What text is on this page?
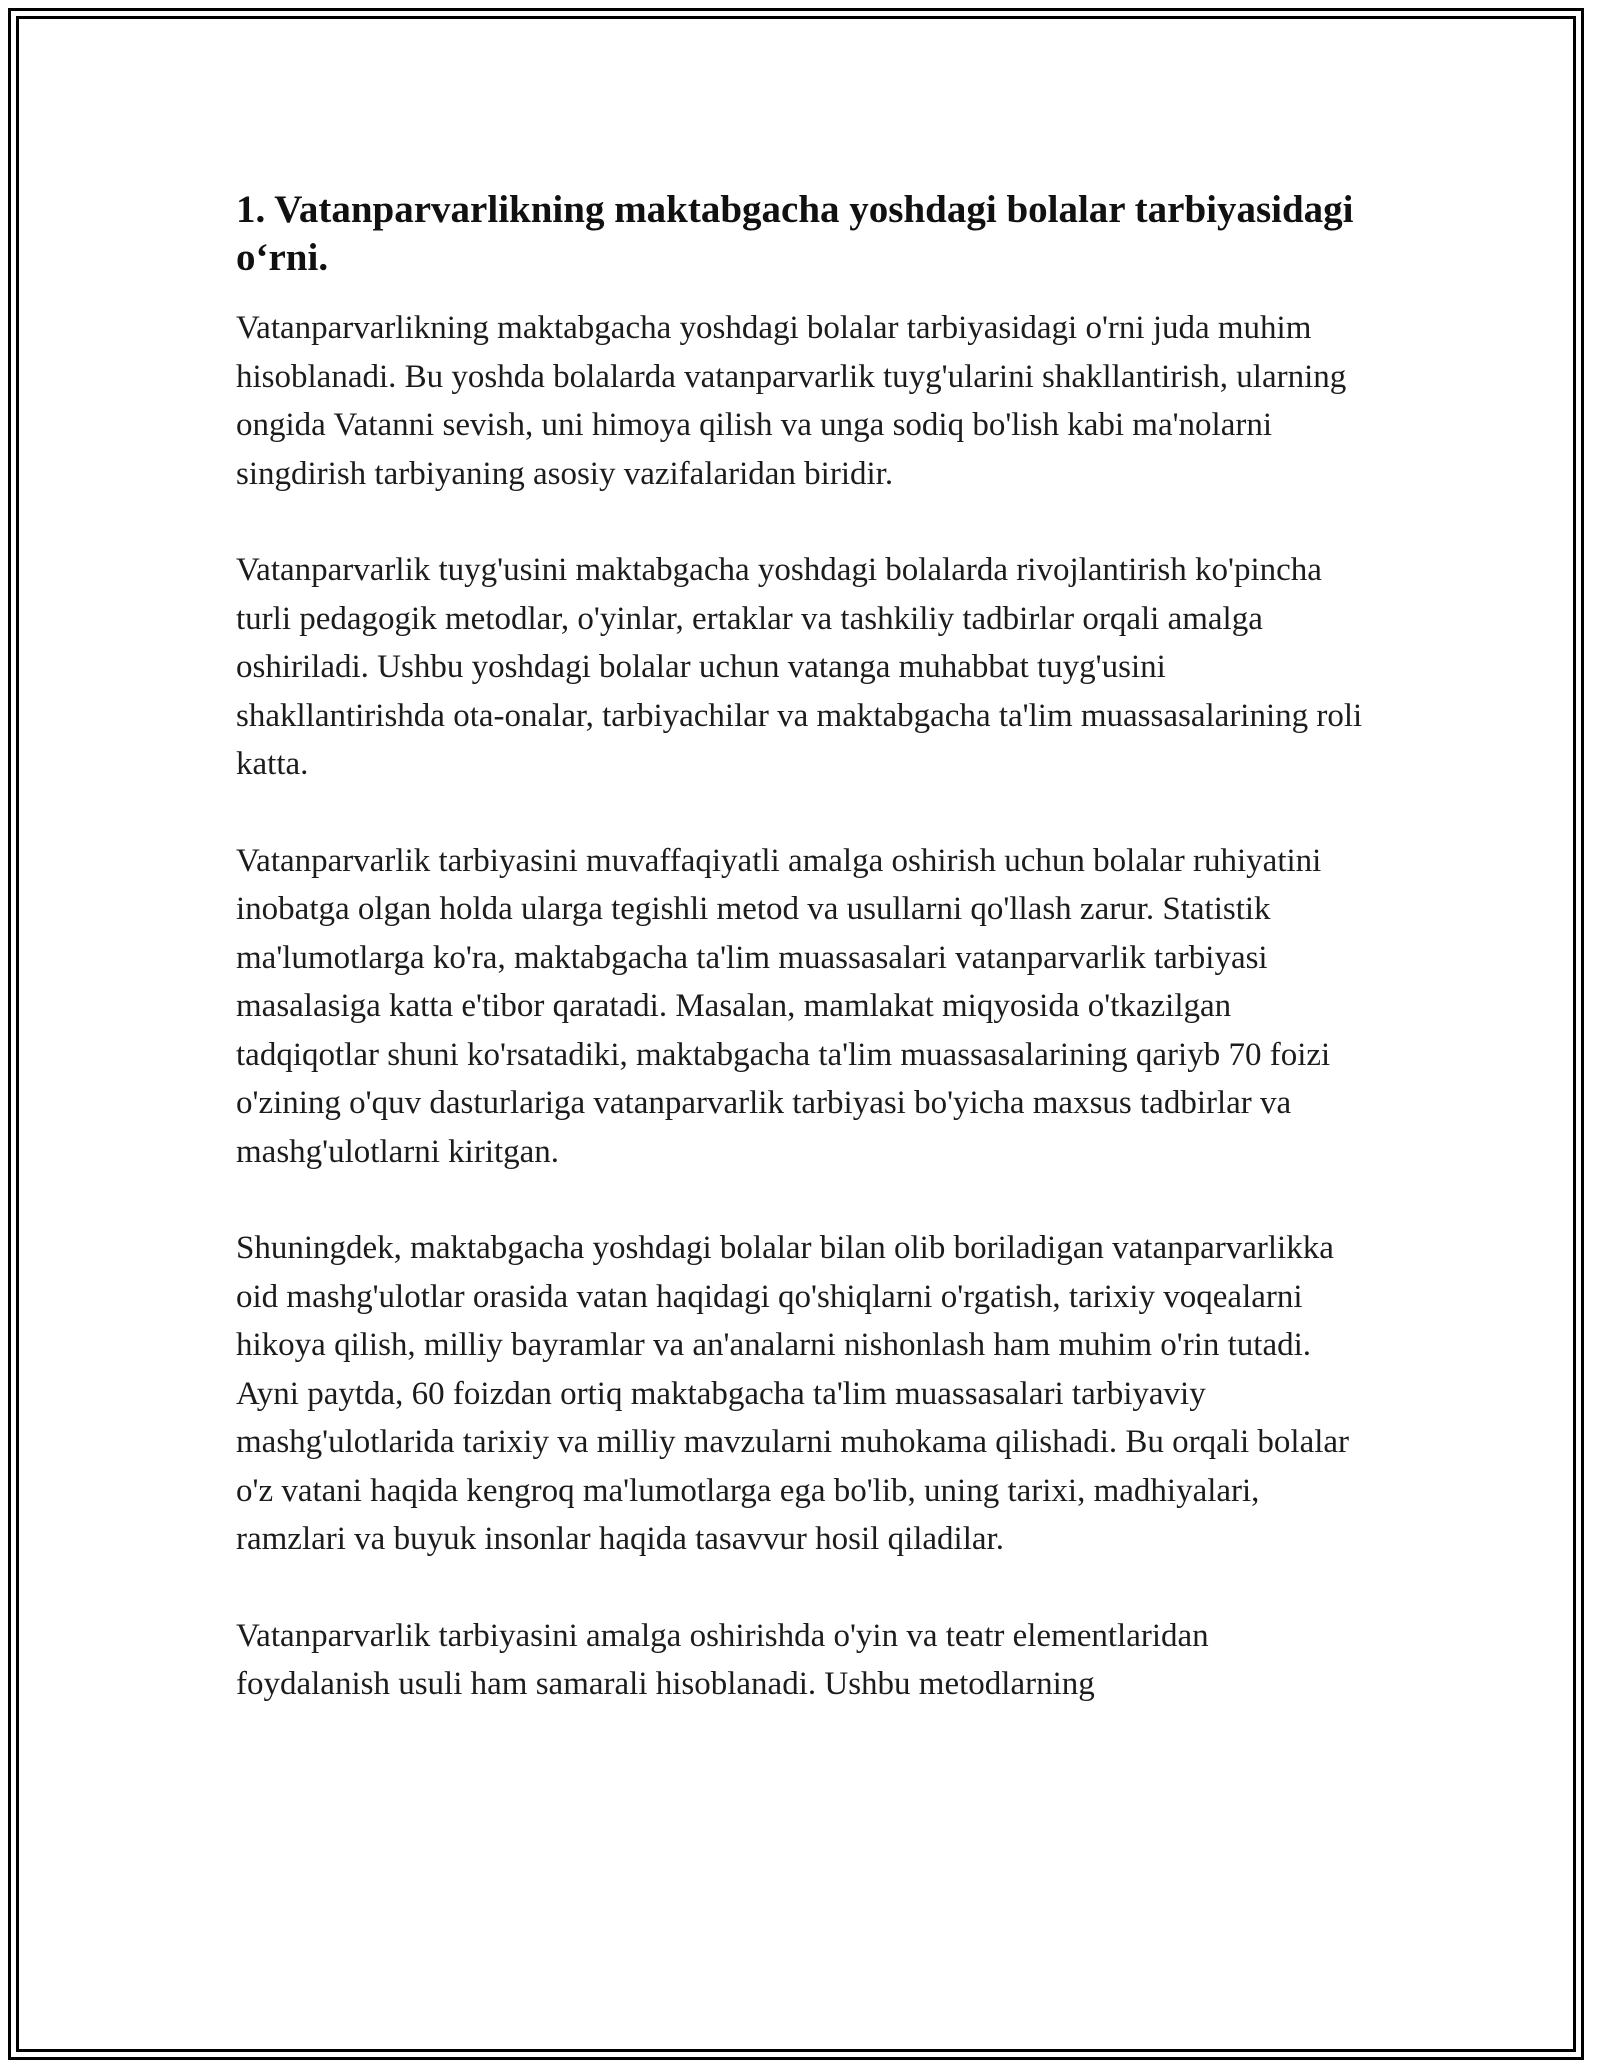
1. Vatanparvarlikning maktabgacha yoshdagi bolalar tarbiyasidagi o‘rni.

Vatanparvarlikning maktabgacha yoshdagi bolalar tarbiyasidagi o'rni juda muhim hisoblanadi. Bu yoshda bolalarda vatanparvarlik tuyg'ularini shakllantirish, ularning ongida Vatanni sevish, uni himoya qilish va unga sodiq bo'lish kabi ma'nolarni singdirish tarbiyaning asosiy vazifalaridan biridir.

Vatanparvarlik tuyg'usini maktabgacha yoshdagi bolalarda rivojlantirish ko'pincha turli pedagogik metodlar, o'yinlar, ertaklar va tashkiliy tadbirlar orqali amalga oshiriladi. Ushbu yoshdagi bolalar uchun vatanga muhabbat tuyg'usini shakllantirishda ota-onalar, tarbiyachilar va maktabgacha ta'lim muassasalarining roli katta.

Vatanparvarlik tarbiyasini muvaffaqiyatli amalga oshirish uchun bolalar ruhiyatini inobatga olgan holda ularga tegishli metod va usullarni qo'llash zarur. Statistik ma'lumotlarga ko'ra, maktabgacha ta'lim muassasalari vatanparvarlik tarbiyasi masalasiga katta e'tibor qaratadi. Masalan, mamlakat miqyosida o'tkazilgan tadqiqotlar shuni ko'rsatadiki, maktabgacha ta'lim muassasalarining qariyb 70 foizi o'zining o'quv dasturlariga vatanparvarlik tarbiyasi bo'yicha maxsus tadbirlar va mashg'ulotlarni kiritgan.

Shuningdek, maktabgacha yoshdagi bolalar bilan olib boriladigan vatanparvarlikka oid mashg'ulotlar orasida vatan haqidagi qo'shiqlarni o'rgatish, tarixiy voqealarni hikoya qilish, milliy bayramlar va an'analarni nishonlash ham muhim o'rin tutadi. Ayni paytda, 60 foizdan ortiq maktabgacha ta'lim muassasalari tarbiyaviy mashg'ulotlarida tarixiy va milliy mavzularni muhokama qilishadi. Bu orqali bolalar o'z vatani haqida kengroq ma'lumotlarga ega bo'lib, uning tarixi, madhiyalari, ramzlari va buyuk insonlar haqida tasavvur hosil qiladilar.

Vatanparvarlik tarbiyasini amalga oshirishda o'yin va teatr elementlaridan foydalanish usuli ham samarali hisoblanadi. Ushbu metodlarning
